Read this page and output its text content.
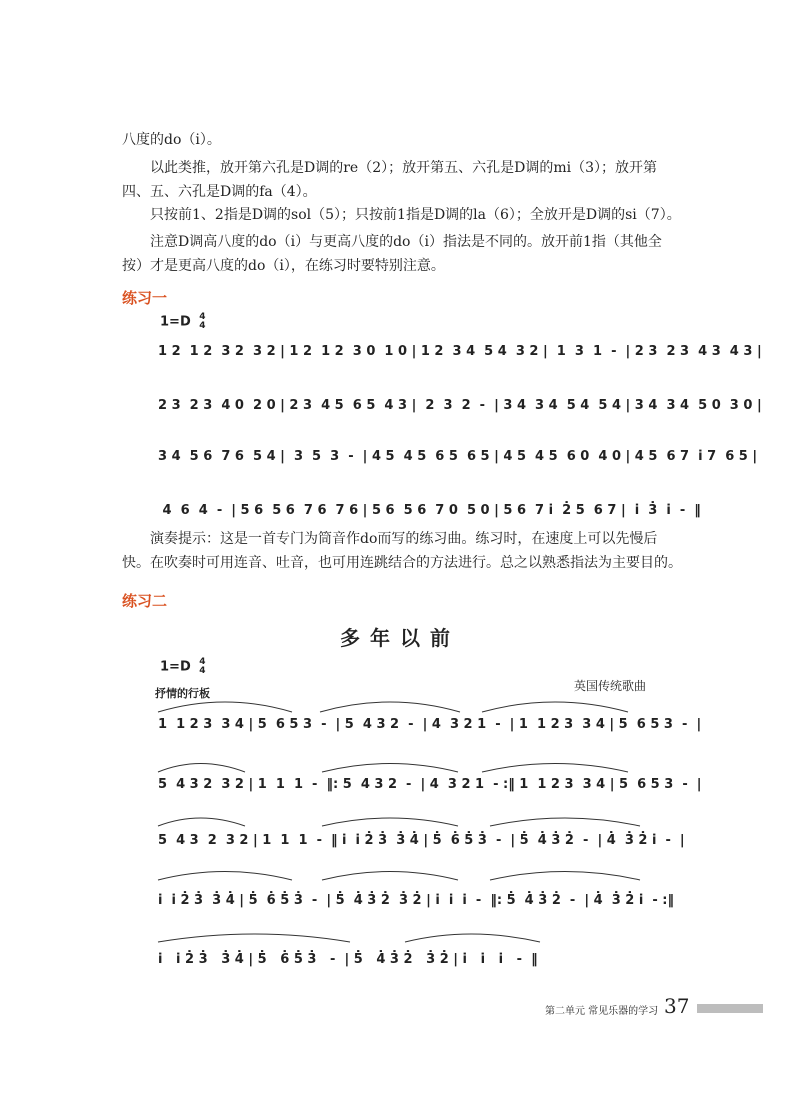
八度的do（i̇）。
以此类推，放开第六孔是D调的re（2）；放开第五、六孔是D调的mi（3）；放开第四、五、六孔是D调的fa（4）。
只按前1、2指是D调的sol（5）；只按前1指是D调的la（6）；全放开是D调的si（7）。
注意D调高八度的do（i̇）与更高八度的do（i̇̇）指法是不同的。放开前1指（其他全按）才是更高八度的do（i̇̇），在练习时要特别注意。
练习一
1=D 4
4
1 2  1 2  3 2  3 2 | 1 2  1 2  3 0  1 0 | 1 2  3 4  5 4  3 2 |  1  3  1  -  | 2 3  2 3  4 3  4 3 |
2 3  2 3  4 0  2 0 | 2 3  4 5  6 5  4 3 |  2  3  2  -  | 3 4  3 4  5 4  5 4 | 3 4  3 4  5 0  3 0 |
3 4  5 6  7 6  5 4 |  3  5  3  -  | 4 5  4 5  6 5  6 5 | 4 5  4 5  6 0  4 0 | 4 5  6 7  i̇ 7  6 5 |
4  6  4  -  | 5 6  5 6  7 6  7 6 | 5 6  5 6  7 0  5 0 | 5 6  7 i̇  2̇ 5  6 7 |  i̇  3̇  i̇  -  ‖
演奏提示：这是一首专门为筒音作do而写的练习曲。练习时，在速度上可以先慢后快。在吹奏时可用连音、吐音，也可用连跳结合的方法进行。总之以熟悉指法为主要目的。
练习二
多年以前
1=D 4
4
英国传统歌曲
抒情的行板
1  1 2 3  3 4 | 5  6 5 3  -  | 5  4 3 2  -  | 4  3 2 1  -  | 1  1 2 3  3 4 | 5  6 5 3  -  |
5  4 3 2  3 2 | 1  1  1  -  ‖: 5  4 3 2  -  | 4  3 2 1  - :‖ 1  1 2 3  3 4 | 5  6 5 3  -  |
5  4 3  2  3 2 | 1  1  1  -  ‖ i̇  i̇ 2̇ 3̇  3̇ 4̇ | 5̇  6̇ 5̇ 3̇  -  | 5̇  4̇ 3̇ 2̇  -  | 4̇  3̇ 2̇ i̇  -  |
i̇  i̇ 2̇ 3̇  3̇ 4̇ | 5̇  6̇ 5̇ 3̇  -  | 5̇  4̇ 3̇ 2̇  3̇ 2̇ | i̇  i̇  i̇  -  ‖: 5̇  4̇ 3̇ 2̇  -  | 4̇  3̇ 2̇ i̇  - :‖
i̇   i̇ 2̇ 3̇   3̇ 4̇ | 5̇   6̇ 5̇ 3̇   -  | 5̇   4̇ 3̇ 2̇   3̇ 2̇ | i̇   i̇   i̇   -  ‖
第二单元 常见乐器的学习 37
